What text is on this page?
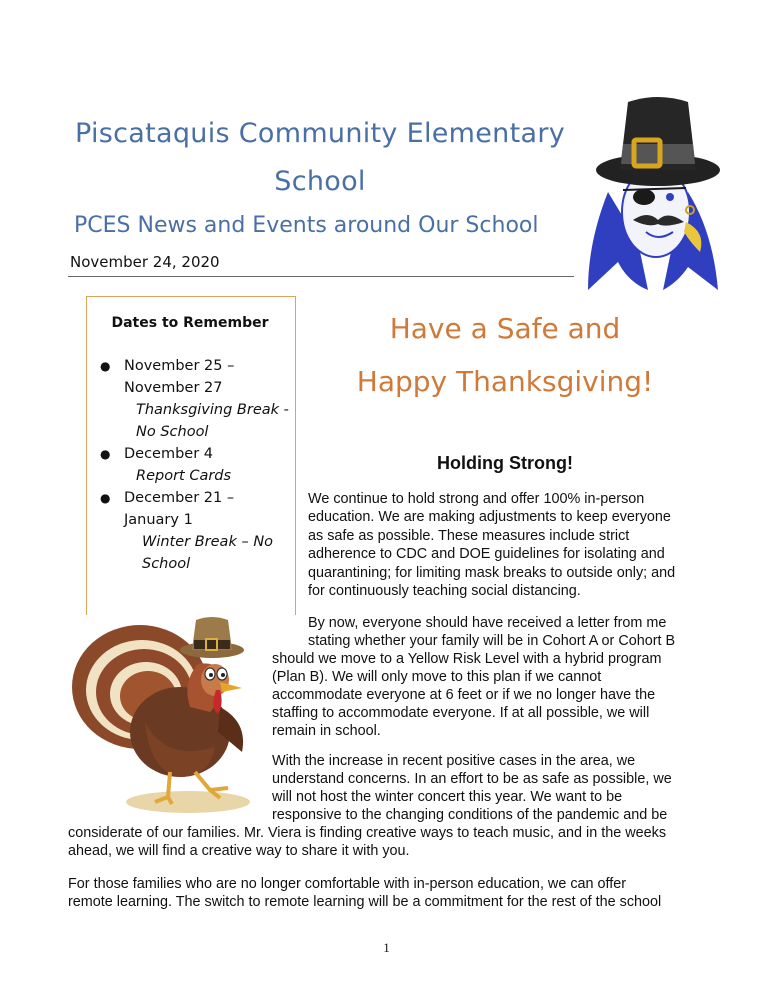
Piscataquis Community Elementary
School
PCES News and Events around Our School
November 24, 2020
Dates to Remember
● November 25 –
November 27
Thanksgiving Break -
No School
● December 4
Report Cards
● December 21 –
January 1
Winter Break – No
School
Have a Safe and
Happy Thanksgiving!
Holding Strong!
We continue to hold strong and offer 100% in-person
education. We are making adjustments to keep everyone
as safe as possible. These measures include strict
adherence to CDC and DOE guidelines for isolating and
quarantining; for limiting mask breaks to outside only; and
for continuously teaching social distancing.
By now, everyone should have received a letter from me
stating whether your family will be in Cohort A or Cohort B
should we move to a Yellow Risk Level with a hybrid program
(Plan B). We will only move to this plan if we cannot
accommodate everyone at 6 feet or if we no longer have the
staffing to accommodate everyone. If at all possible, we will
remain in school.
With the increase in recent positive cases in the area, we
understand concerns. In an effort to be as safe as possible, we
will not host the winter concert this year. We want to be
responsive to the changing conditions of the pandemic and be
considerate of our families. Mr. Viera is finding creative ways to teach music, and in the weeks
ahead, we will find a creative way to share it with you.
For those families who are no longer comfortable with in-person education, we can offer
remote learning. The switch to remote learning will be a commitment for the rest of the school
1
